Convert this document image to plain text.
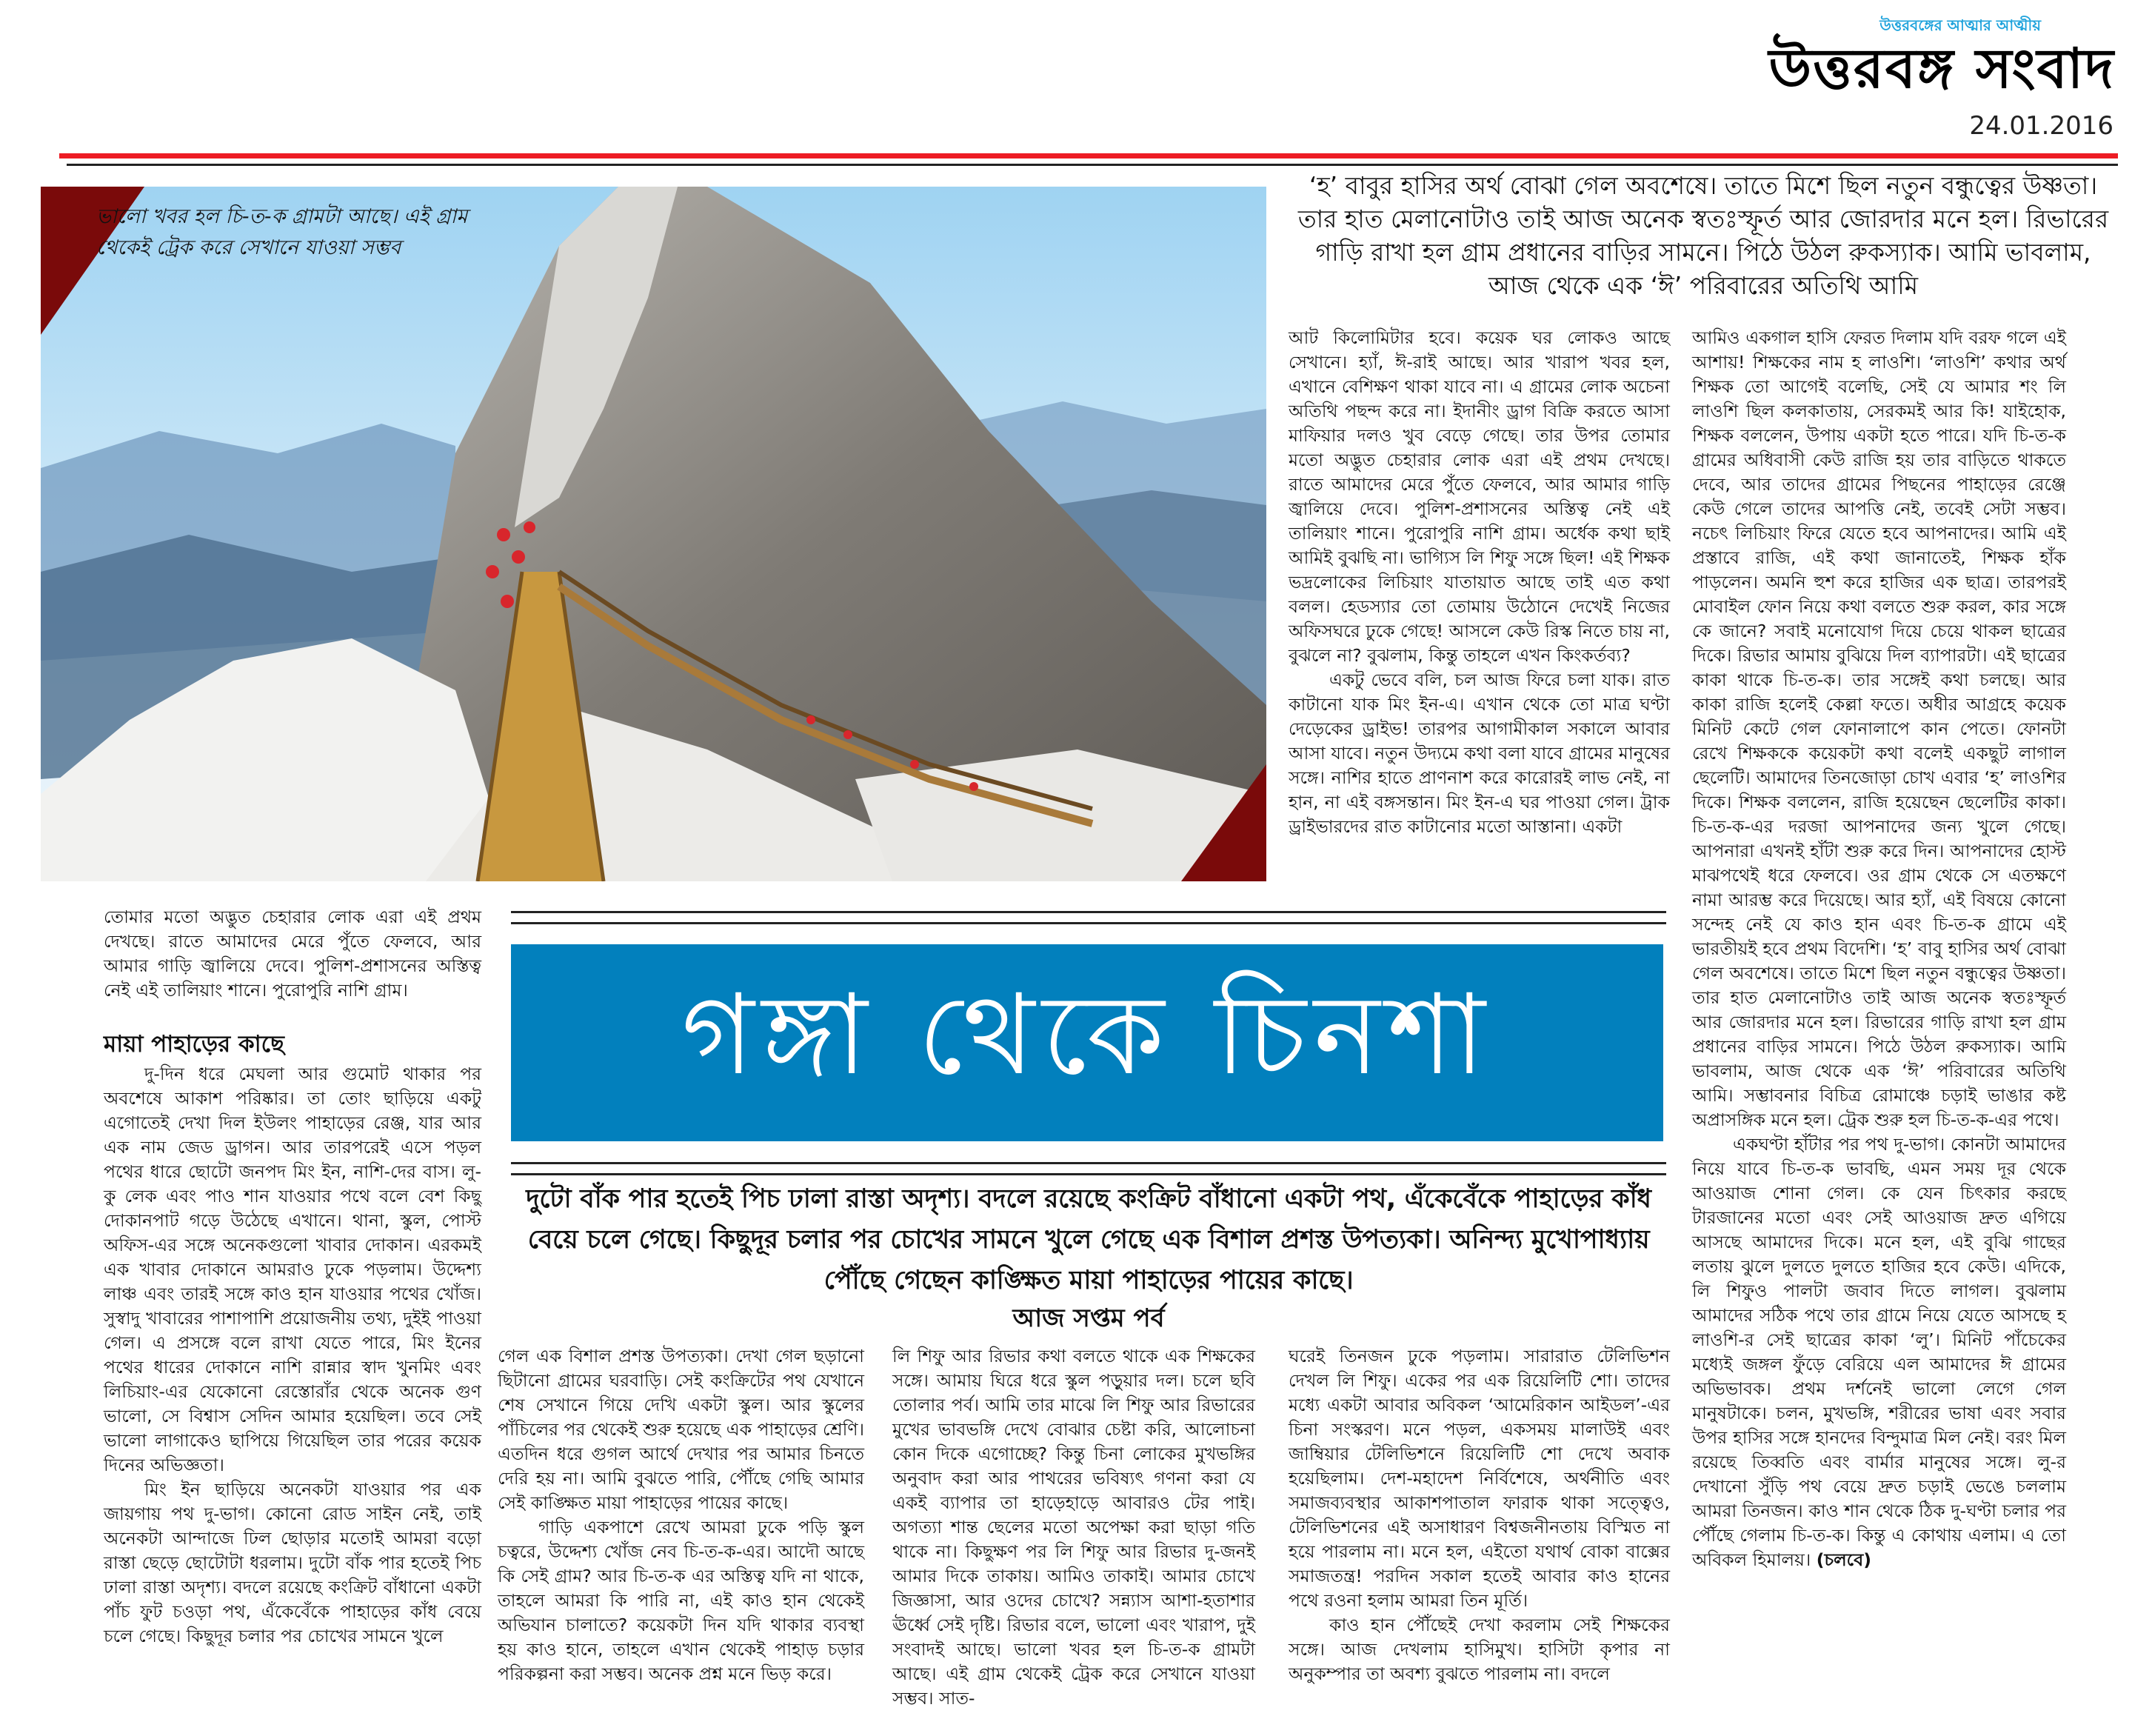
উত্তরবঙ্গের আত্মার আত্মীয়
উত্তরবঙ্গ সংবাদ
24.01.2016
ভালো খবর হল চি-ত-ক গ্রামটা আছে। এই গ্রাম থেকেই ট্রেক করে সেখানে যাওয়া সম্ভব
‘হ’ বাবুর হাসির অর্থ বোঝা গেল অবশেষে। তাতে মিশে ছিল নতুন বন্ধুত্বের উষ্ণতা। তার হাত মেলানোটাও তাই আজ অনেক স্বতঃস্ফূর্ত আর জোরদার মনে হল। রিভারের গাড়ি রাখা হল গ্রাম প্রধানের বাড়ির সামনে। পিঠে উঠল রুকস্যাক। আমি ভাবলাম, আজ থেকে এক ‘ঈ’ পরিবারের অতিথি আমি

আট কিলোমিটার হবে। কয়েক ঘর লোকও আছে সেখানে। হ্যাঁ, ঈ-রাই আছে। আর খারাপ খবর হল, এখানে বেশিক্ষণ থাকা যাবে না। এ গ্রামের লোক অচেনা অতিথি পছন্দ করে না। ইদানীং ড্রাগ বিক্রি করতে আসা মাফিয়ার দলও খুব বেড়ে গেছে। তার উপর তোমার মতো অদ্ভুত চেহারার লোক এরা এই প্রথম দেখছে। রাতে আমাদের মেরে পুঁতে ফেলবে, আর আমার গাড়ি জ্বালিয়ে দেবে। পুলিশ-প্রশাসনের অস্তিত্ব নেই এই তালিয়াং শানে। পুরোপুরি নাশি গ্রাম। অর্ধেক কথা ছাই আমিই বুঝছি না। ভাগ্যিস লি শিফু সঙ্গে ছিল! এই শিক্ষক ভদ্রলোকের লিচিয়াং যাতায়াত আছে তাই এত কথা বলল। হেডস্যার তো তোমায় উঠোনে দেখেই নিজের অফিসঘরে ঢুকে গেছে! আসলে কেউ রিস্ক নিতে চায় না, বুঝলে না? বুঝলাম, কিন্তু তাহলে এখন কিংকর্তব্য?

একটু ভেবে বলি, চল আজ ফিরে চলা যাক। রাত কাটানো যাক মিং ইন-এ। এখান থেকে তো মাত্র ঘণ্টা দেড়েকের ড্রাইভ! তারপর আগামীকাল সকালে আবার আসা যাবে। নতুন উদ্যমে কথা বলা যাবে গ্রামের মানুষের সঙ্গে। নাশির হাতে প্রাণনাশ করে কারোরই লাভ নেই, না হান, না এই বঙ্গসন্তান। মিং ইন-এ ঘর পাওয়া গেল। ট্রাক ড্রাইভারদের রাত কাটানোর মতো আস্তানা। একটা

আমিও একগাল হাসি ফেরত দিলাম যদি বরফ গলে এই আশায়! শিক্ষকের নাম হ লাওশি। ‘লাওশি’ কথার অর্থ শিক্ষক তো আগেই বলেছি, সেই যে আমার শং লি লাওশি ছিল কলকাতায়, সেরকমই আর কি! যাইহোক, শিক্ষক বললেন, উপায় একটা হতে পারে। যদি চি-ত-ক গ্রামের অধিবাসী কেউ রাজি হয় তার বাড়িতে থাকতে দেবে, আর তাদের গ্রামের পিছনের পাহাড়ের রেঞ্জে কেউ গেলে তাদের আপত্তি নেই, তবেই সেটা সম্ভব। নচেৎ লিচিয়াং ফিরে যেতে হবে আপনাদের। আমি এই প্রস্তাবে রাজি, এই কথা জানাতেই, শিক্ষক হাঁক পাড়লেন। অমনি হুশ করে হাজির এক ছাত্র। তারপরই মোবাইল ফোন নিয়ে কথা বলতে শুরু করল, কার সঙ্গে কে জানে? সবাই মনোযোগ দিয়ে চেয়ে থাকল ছাত্রের দিকে। রিভার আমায় বুঝিয়ে দিল ব্যাপারটা। এই ছাত্রের কাকা থাকে চি-ত-ক। তার সঙ্গেই কথা চলছে। আর কাকা রাজি হলেই কেল্লা ফতে। অধীর আগ্রহে কয়েক মিনিট কেটে গেল ফোনালাপে কান পেতে। ফোনটা রেখে শিক্ষককে কয়েকটা কথা বলেই একছুট লাগাল ছেলেটি। আমাদের তিনজোড়া চোখ এবার ‘হ’ লাওশির দিকে। শিক্ষক বললেন, রাজি হয়েছেন ছেলেটির কাকা। চি-ত-ক-এর দরজা আপনাদের জন্য খুলে গেছে। আপনারা এখনই হাঁটা শুরু করে দিন। আপনাদের হোস্ট মাঝপথেই ধরে ফেলবে। ওর গ্রাম থেকে সে এতক্ষণে নামা আরম্ভ করে দিয়েছে। আর হ্যাঁ, এই বিষয়ে কোনো সন্দেহ নেই যে কাও হান এবং চি-ত-ক গ্রামে এই ভারতীয়ই হবে প্রথম বিদেশি। ‘হ’ বাবু হাসির অর্থ বোঝা গেল অবশেষে। তাতে মিশে ছিল নতুন বন্ধুত্বের উষ্ণতা। তার হাত মেলানোটাও তাই আজ অনেক স্বতঃস্ফূর্ত আর জোরদার মনে হল। রিভারের গাড়ি রাখা হল গ্রাম প্রধানের বাড়ির সামনে। পিঠে উঠল রুকস্যাক। আমি ভাবলাম, আজ থেকে এক ‘ঈ’ পরিবারের অতিথি আমি। সম্ভাবনার বিচিত্র রোমাঞ্চে চড়াই ভাঙার কষ্ট অপ্রাসঙ্গিক মনে হল। ট্রেক শুরু হল চি-ত-ক-এর পথে।

একঘণ্টা হাঁটার পর পথ দু-ভাগ। কোনটা আমাদের নিয়ে যাবে চি-ত-ক ভাবছি, এমন সময় দূর থেকে আওয়াজ শোনা গেল। কে যেন চিৎকার করছে টারজানের মতো এবং সেই আওয়াজ দ্রুত এগিয়ে আসছে আমাদের দিকে। মনে হল, এই বুঝি গাছের লতায় ঝুলে দুলতে দুলতে হাজির হবে কেউ। এদিকে, লি শিফুও পালটা জবাব দিতে লাগল। বুঝলাম আমাদের সঠিক পথে তার গ্রামে নিয়ে যেতে আসছে হ লাওশি-র সেই ছাত্রের কাকা ‘লু’। মিনিট পাঁচেকের মধ্যেই জঙ্গল ফুঁড়ে বেরিয়ে এল আমাদের ঈ গ্রামের অভিভাবক। প্রথম দর্শনেই ভালো লেগে গেল মানুষটাকে। চলন, মুখভঙ্গি, শরীরের ভাষা এবং সবার উপর হাসির সঙ্গে হানদের বিন্দুমাত্র মিল নেই। বরং মিল রয়েছে তিব্বতি এবং বার্মার মানুষের সঙ্গে। লু-র দেখানো সুঁড়ি পথ বেয়ে দ্রুত চড়াই ভেঙে চললাম আমরা তিনজন। কাও শান থেকে ঠিক দু-ঘণ্টা চলার পর পৌঁছে গেলাম চি-ত-ক। কিন্তু এ কোথায় এলাম। এ তো অবিকল হিমালয়। (চলবে)

তোমার মতো অদ্ভুত চেহারার লোক এরা এই প্রথম দেখছে। রাতে আমাদের মেরে পুঁতে ফেলবে, আর আমার গাড়ি জ্বালিয়ে দেবে। পুলিশ-প্রশাসনের অস্তিত্ব নেই এই তালিয়াং শানে। পুরোপুরি নাশি গ্রাম।

মায়া পাহাড়ের কাছে

দু-দিন ধরে মেঘলা আর গুমোট থাকার পর অবশেষে আকাশ পরিষ্কার। তা তোং ছাড়িয়ে একটু এগোতেই দেখা দিল ইউলং পাহাড়ের রেঞ্জ, যার আর এক নাম জেড ড্রাগন। আর তারপরেই এসে পড়ল পথের ধারে ছোটো জনপদ মিং ইন, নাশি-দের বাস। লু-কু লেক এবং পাও শান যাওয়ার পথে বলে বেশ কিছু দোকানপাট গড়ে উঠেছে এখানে। থানা, স্কুল, পোস্ট অফিস-এর সঙ্গে অনেকগুলো খাবার দোকান। এরকমই এক খাবার দোকানে আমরাও ঢুকে পড়লাম। উদ্দেশ্য লাঞ্চ এবং তারই সঙ্গে কাও হান যাওয়ার পথের খোঁজ। সুস্বাদু খাবারের পাশাপাশি প্রয়োজনীয় তথ্য, দুইই পাওয়া গেল। এ প্রসঙ্গে বলে রাখা যেতে পারে, মিং ইনের পথের ধারের দোকানে নাশি রান্নার স্বাদ খুনমিং এবং লিচিয়াং-এর যেকোনো রেস্তোরাঁর থেকে অনেক গুণ ভালো, সে বিশ্বাস সেদিন আমার হয়েছিল। তবে সেই ভালো লাগাকেও ছাপিয়ে গিয়েছিল তার পরের কয়েক দিনের অভিজ্ঞতা।

মিং ইন ছাড়িয়ে অনেকটা যাওয়ার পর এক জায়গায় পথ দু-ভাগ। কোনো রোড সাইন নেই, তাই অনেকটা আন্দাজে ঢিল ছোড়ার মতোই আমরা বড়ো রাস্তা ছেড়ে ছোটোটা ধরলাম। দুটো বাঁক পার হতেই পিচ ঢালা রাস্তা অদৃশ্য। বদলে রয়েছে কংক্রিট বাঁধানো একটা পাঁচ ফুট চওড়া পথ, এঁকেবেঁকে পাহাড়ের কাঁধ বেয়ে চলে গেছে। কিছুদূর চলার পর চোখের সামনে খুলে

গঙ্গা থেকে চিনশা
দুটো বাঁক পার হতেই পিচ ঢালা রাস্তা অদৃশ্য। বদলে রয়েছে কংক্রিট বাঁধানো একটা পথ, এঁকেবেঁকে পাহাড়ের কাঁধ বেয়ে চলে গেছে। কিছুদূর চলার পর চোখের সামনে খুলে গেছে এক বিশাল প্রশস্ত উপত্যকা। অনিন্দ্য মুখোপাধ্যায় পৌঁছে গেছেন কাঙ্ক্ষিত মায়া পাহাড়ের পায়ের কাছে।
আজ সপ্তম পর্ব

গেল এক বিশাল প্রশস্ত উপত্যকা। দেখা গেল ছড়ানো ছিটানো গ্রামের ঘরবাড়ি। সেই কংক্রিটের পথ যেখানে শেষ সেখানে গিয়ে দেখি একটা স্কুল। আর স্কুলের পাঁচিলের পর থেকেই শুরু হয়েছে এক পাহাড়ের শ্রেণি। এতদিন ধরে গুগল আর্থে দেখার পর আমার চিনতে দেরি হয় না। আমি বুঝতে পারি, পৌঁছে গেছি আমার সেই কাঙ্ক্ষিত মায়া পাহাড়ের পায়ের কাছে।

গাড়ি একপাশে রেখে আমরা ঢুকে পড়ি স্কুল চত্বরে, উদ্দেশ্য খোঁজ নেব চি-ত-ক-এর। আদৌ আছে কি সেই গ্রাম? আর চি-ত-ক এর অস্তিত্ব যদি না থাকে, তাহলে আমরা কি পারি না, এই কাও হান থেকেই অভিযান চালাতে? কয়েকটা দিন যদি থাকার ব্যবস্থা হয় কাও হানে, তাহলে এখান থেকেই পাহাড় চড়ার পরিকল্পনা করা সম্ভব। অনেক প্রশ্ন মনে ভিড় করে।

লি শিফু আর রিভার কথা বলতে থাকে এক শিক্ষকের সঙ্গে। আমায় ঘিরে ধরে স্কুল পড়ুয়ার দল। চলে ছবি তোলার পর্ব। আমি তার মাঝে লি শিফু আর রিভারের মুখের ভাবভঙ্গি দেখে বোঝার চেষ্টা করি, আলোচনা কোন দিকে এগোচ্ছে? কিন্তু চিনা লোকের মুখভঙ্গির অনুবাদ করা আর পাথরের ভবিষ্যৎ গণনা করা যে একই ব্যাপার তা হাড়েহাড়ে আবারও টের পাই। অগত্যা শান্ত ছেলের মতো অপেক্ষা করা ছাড়া গতি থাকে না। কিছুক্ষণ পর লি শিফু আর রিভার দু-জনই আমার দিকে তাকায়। আমিও তাকাই। আমার চোখে জিজ্ঞাসা, আর ওদের চোখে? সন্ন্যাস আশা-হতাশার ঊর্ধ্বে সেই দৃষ্টি। রিভার বলে, ভালো এবং খারাপ, দুই সংবাদই আছে। ভালো খবর হল চি-ত-ক গ্রামটা আছে। এই গ্রাম থেকেই ট্রেক করে সেখানে যাওয়া সম্ভব। সাত-

ঘরেই তিনজন ঢুকে পড়লাম। সারারাত টেলিভিশন দেখল লি শিফু। একের পর এক রিয়েলিটি শো। তাদের মধ্যে একটা আবার অবিকল ‘আমেরিকান আইডল’-এর চিনা সংস্করণ। মনে পড়ল, একসময় মালাউই এবং জাম্বিয়ার টেলিভিশনে রিয়েলিটি শো দেখে অবাক হয়েছিলাম। দেশ-মহাদেশ নির্বিশেষে, অর্থনীতি এবং সমাজব্যবস্থার আকাশপাতাল ফারাক থাকা সত্ত্বেও, টেলিভিশনের এই অসাধারণ বিশ্বজনীনতায় বিস্মিত না হয়ে পারলাম না। মনে হল, এইতো যথার্থ বোকা বাক্সের সমাজতন্ত্র! পরদিন সকাল হতেই আবার কাও হানের পথে রওনা হলাম আমরা তিন মূর্তি।

কাও হান পৌঁছেই দেখা করলাম সেই শিক্ষকের সঙ্গে। আজ দেখলাম হাসিমুখ। হাসিটা কৃপার না অনুকম্পার তা অবশ্য বুঝতে পারলাম না। বদলে
